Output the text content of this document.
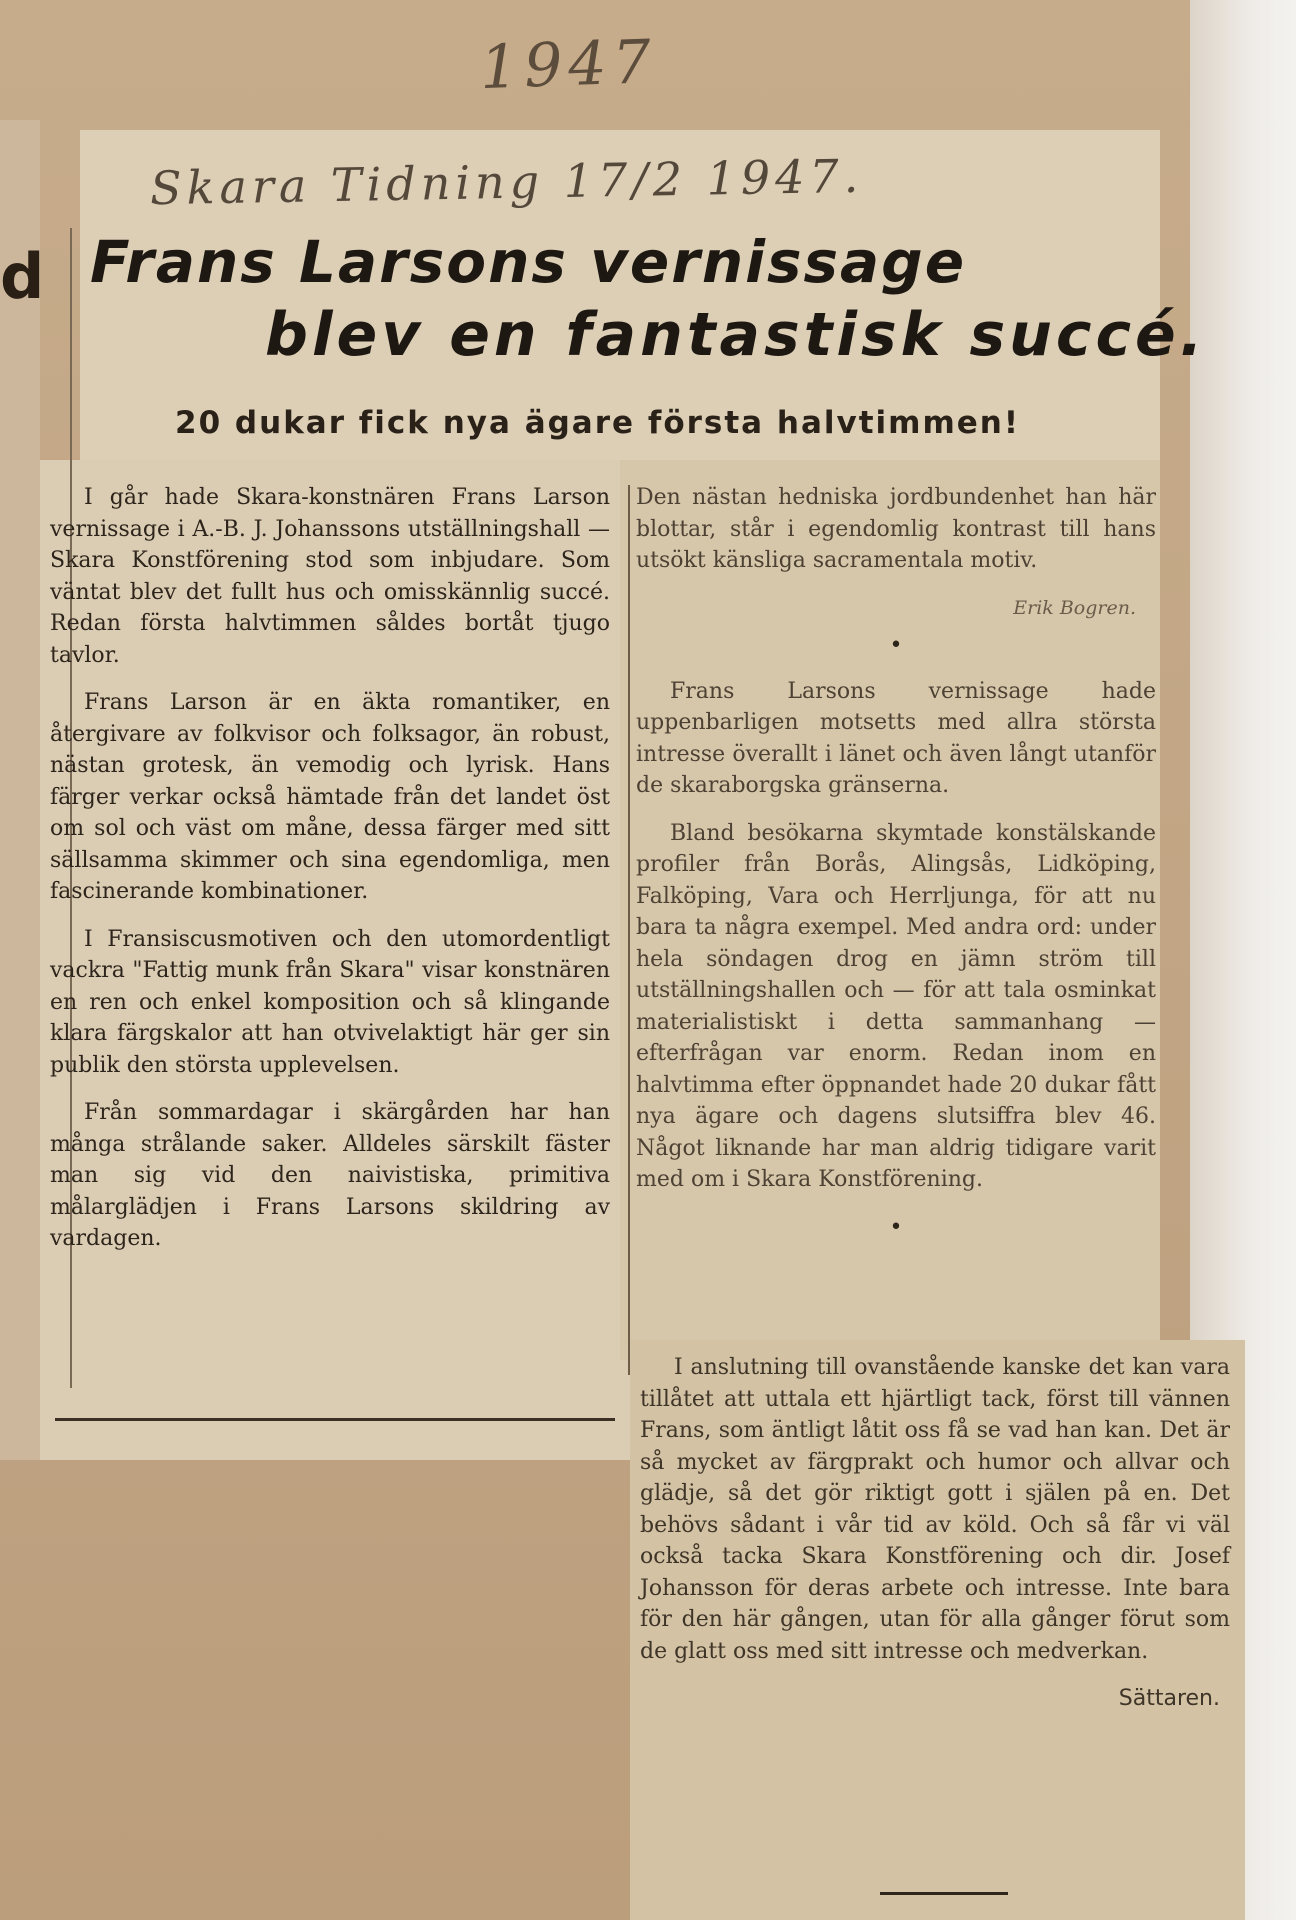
d
1947
Skara Tidning 17/2 1947.
Frans Larsons vernissage
blev en fantastisk succé.
20 dukar fick nya ägare första halvtimmen!

I går hade Skara-konstnären Frans Larson vernissage i A.-B. J. Johanssons utställningshall — Skara Konstförening stod som inbjudare. Som väntat blev det fullt hus och omisskännlig succé. Redan första halvtimmen såldes bortåt tjugo tavlor.

Frans Larson är en äkta romantiker, en återgivare av folkvisor och folksagor, än robust, nästan grotesk, än vemodig och lyrisk. Hans färger verkar också hämtade från det landet öst om sol och väst om måne, dessa färger med sitt sällsamma skimmer och sina egendomliga, men fascinerande kombinationer.

I Fransiscusmotiven och den utomordentligt vackra "Fattig munk från Skara" visar konstnären en ren och enkel komposition och så klingande klara färgskalor att han otvivelaktigt här ger sin publik den största upplevelsen.

Från sommardagar i skärgården har han många strålande saker. Alldeles särskilt fäster man sig vid den naivistiska, primitiva målarglädjen i Frans Larsons skildring av vardagen.

Den nästan hedniska jordbundenhet han här blottar, står i egendomlig kontrast till hans utsökt känsliga sacramentala motiv.

Erik Bogren.
•

Frans Larsons vernissage hade uppenbarligen motsetts med allra största intresse överallt i länet och även långt utanför de skaraborgska gränserna.

Bland besökarna skymtade konstälskande profiler från Borås, Alingsås, Lidköping, Falköping, Vara och Herrljunga, för att nu bara ta några exempel. Med andra ord: under hela söndagen drog en jämn ström till utställningshallen och — för att tala osminkat materialistiskt i detta sammanhang — efterfrågan var enorm. Redan inom en halvtimma efter öppnandet hade 20 dukar fått nya ägare och dagens slutsiffra blev 46. Något liknande har man aldrig tidigare varit med om i Skara Konstförening.

•

I anslutning till ovanstående kanske det kan vara tillåtet att uttala ett hjärtligt tack, först till vännen Frans, som äntligt låtit oss få se vad han kan. Det är så mycket av färgprakt och humor och allvar och glädje, så det gör riktigt gott i själen på en. Det behövs sådant i vår tid av köld. Och så får vi väl också tacka Skara Konstförening och dir. Josef Johansson för deras arbete och intresse. Inte bara för den här gången, utan för alla gånger förut som de glatt oss med sitt intresse och medverkan.

Sättaren.
